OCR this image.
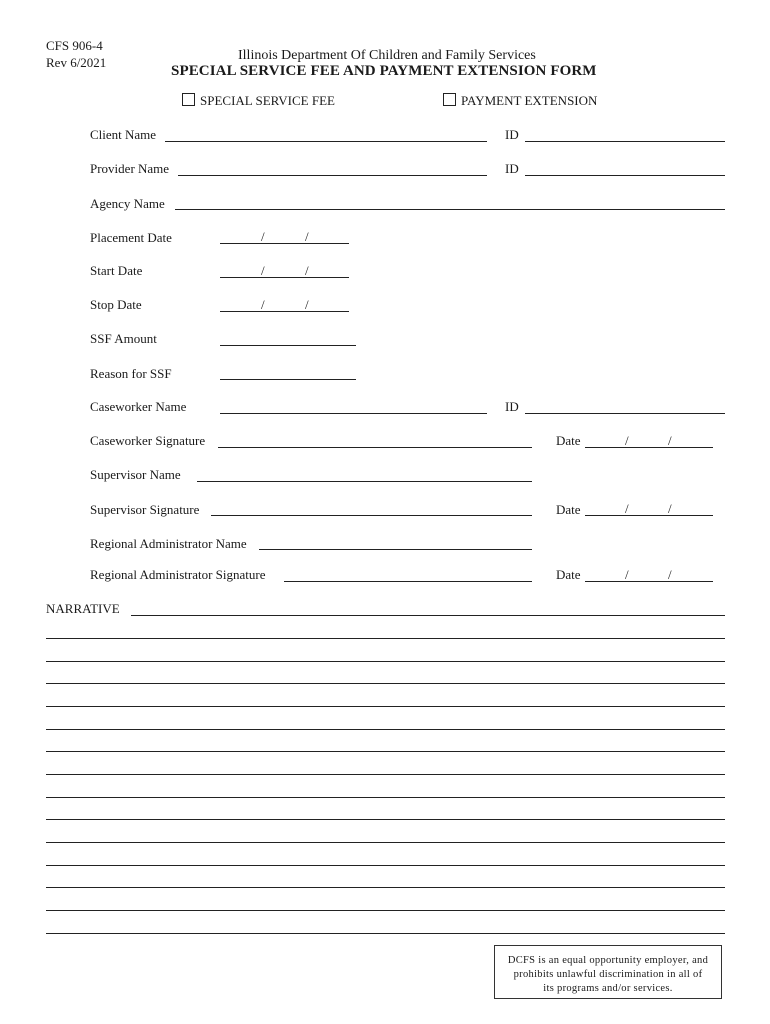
CFS 906-4
Rev 6/2021	Illinois Department Of Children and Family Services
SPECIAL SERVICE FEE AND PAYMENT EXTENSION FORM
SPECIAL SERVICE FEE	PAYMENT EXTENSION
Client Name	ID
Provider Name	ID
Agency Name
Placement Date	/	/
Start Date	/	/
Stop Date	/	/
SSF Amount
Reason for SSF
Caseworker Name	ID
Caseworker Signature	Date	/	/
Supervisor Name
Supervisor Signature	Date	/	/
Regional Administrator Name
Regional Administrator Signature	Date	/	/
NARRATIVE
DCFS is an equal opportunity employer, and
prohibits unlawful discrimination in all of
its programs and/or services.
